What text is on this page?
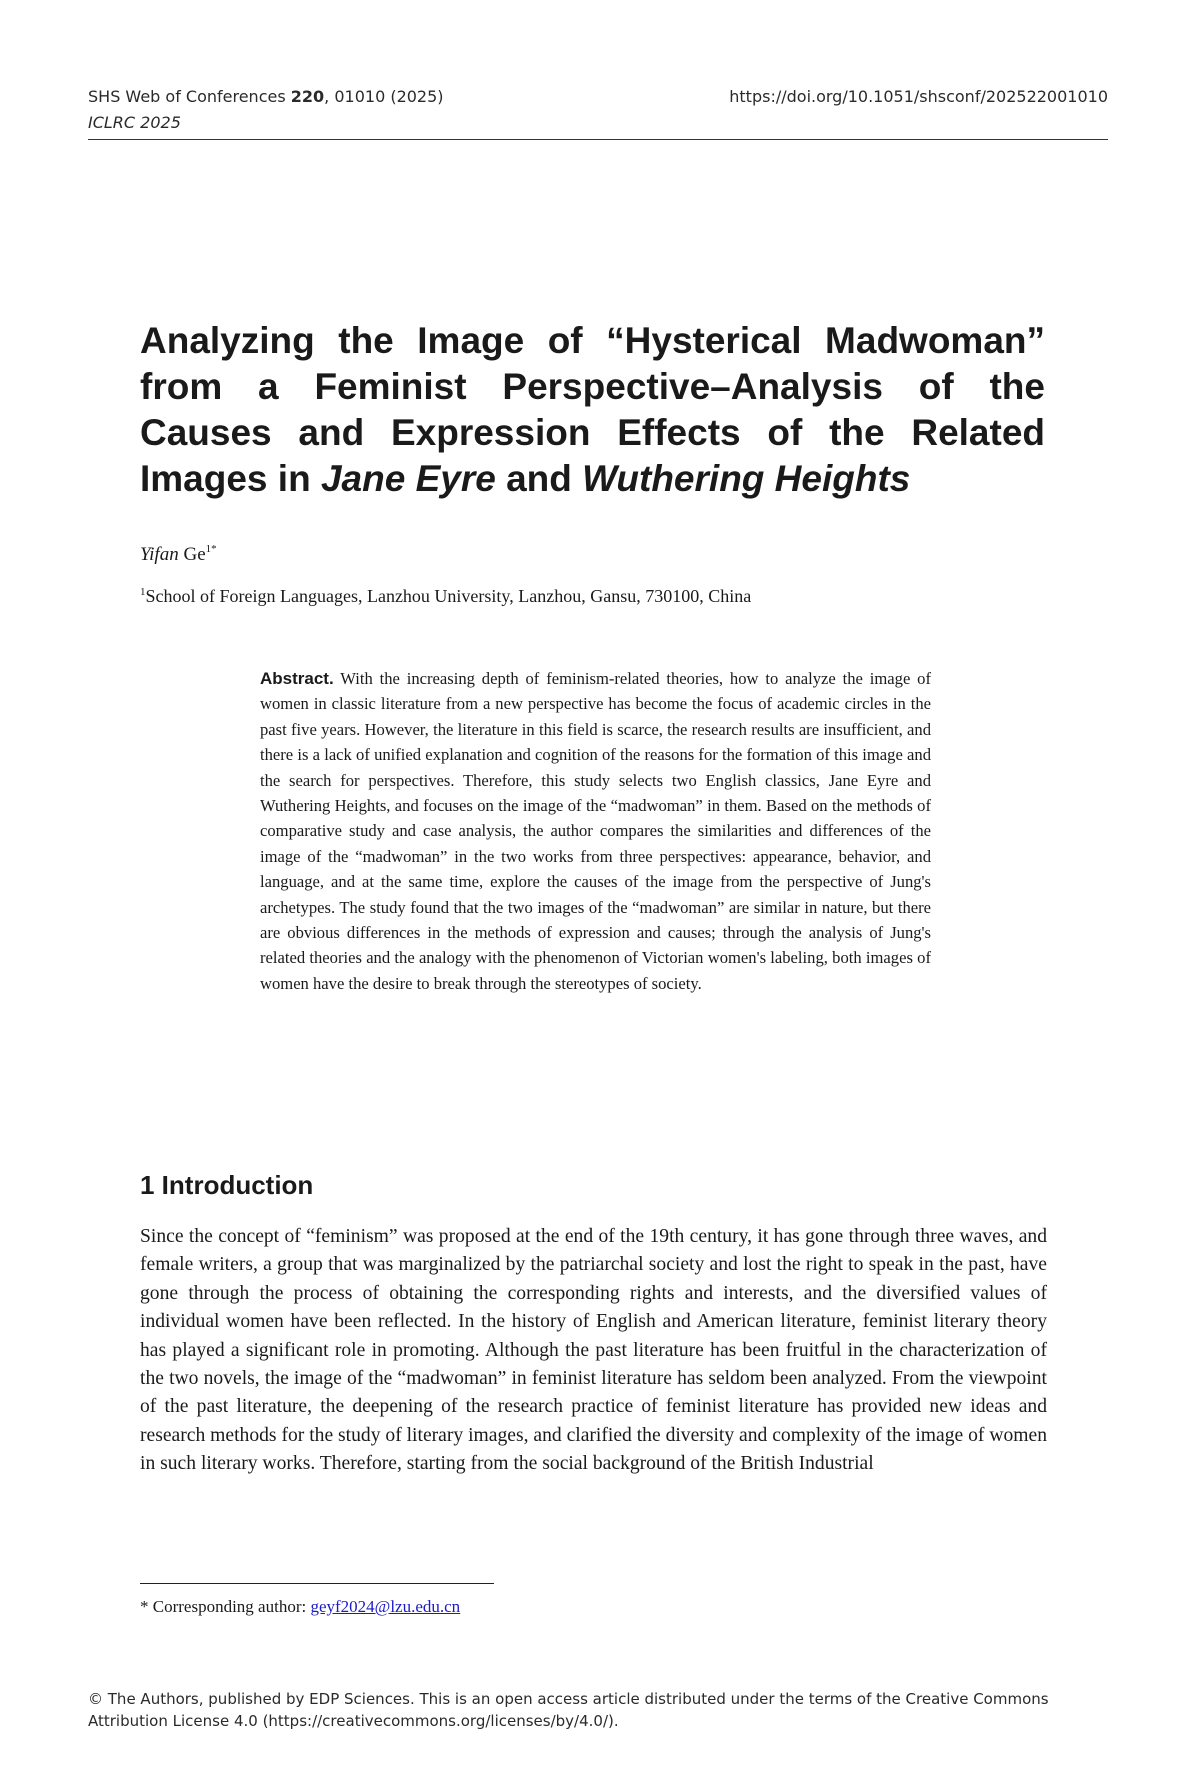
SHS Web of Conferences 220, 01010 (2025)
ICLRC 2025
https://doi.org/10.1051/shsconf/202522001010
Analyzing the Image of “Hysterical Madwoman” from a Feminist Perspective–Analysis of the Causes and Expression Effects of the Related Images in Jane Eyre and Wuthering Heights
Yifan $Ge^{1*}$
$^1$School of Foreign Languages, Lanzhou University, Lanzhou, Gansu, 730100, China

Abstract. With the increasing depth of feminism-related theories, how to analyze the image of women in classic literature from a new perspective has become the focus of academic circles in the past five years. However, the literature in this field is scarce, the research results are insufficient, and there is a lack of unified explanation and cognition of the reasons for the formation of this image and the search for perspectives. Therefore, this study selects two English classics, Jane Eyre and Wuthering Heights, and focuses on the image of the “madwoman” in them. Based on the methods of comparative study and case analysis, the author compares the similarities and differences of the image of the “madwoman” in the two works from three perspectives: appearance, behavior, and language, and at the same time, explore the causes of the image from the perspective of Jung's archetypes. The study found that the two images of the “madwoman” are similar in nature, but there are obvious differences in the methods of expression and causes; through the analysis of Jung's related theories and the analogy with the phenomenon of Victorian women's labeling, both images of women have the desire to break through the stereotypes of society.

1 Introduction

Since the concept of “feminism” was proposed at the end of the 19th century, it has gone through three waves, and female writers, a group that was marginalized by the patriarchal society and lost the right to speak in the past, have gone through the process of obtaining the corresponding rights and interests, and the diversified values of individual women have been reflected. In the history of English and American literature, feminist literary theory has played a significant role in promoting. Although the past literature has been fruitful in the characterization of the two novels, the image of the “madwoman” in feminist literature has seldom been analyzed. From the viewpoint of the past literature, the deepening of the research practice of feminist literature has provided new ideas and research methods for the study of literary images, and clarified the diversity and complexity of the image of women in such literary works. Therefore, starting from the social background of the British Industrial

* Corresponding author: geyf2024@lzu.edu.cn

© The Authors, published by EDP Sciences. This is an open access article distributed under the terms of the Creative Commons Attribution License 4.0 (https://creativecommons.org/licenses/by/4.0/).
